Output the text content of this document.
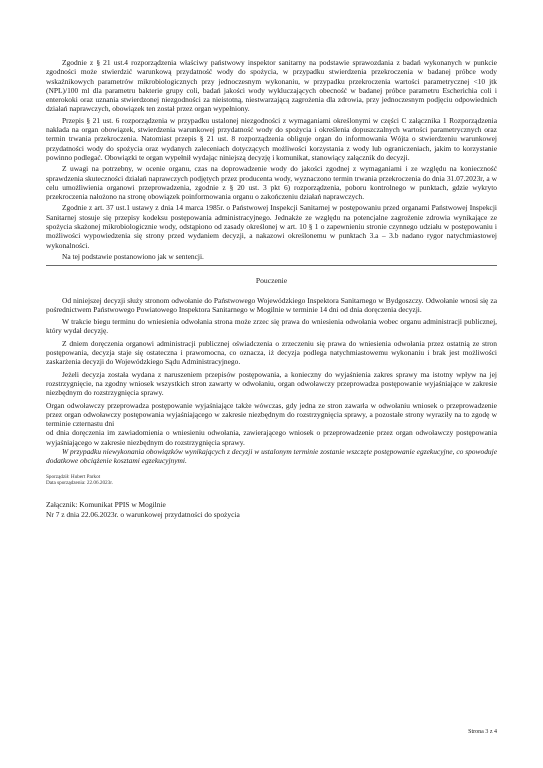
Zgodnie z § 21 ust.4 rozporządzenia właściwy państwowy inspektor sanitarny na podstawie sprawozdania z badań wykonanych w punkcie zgodności może stwierdzić warunkową przydatność wody do spożycia, w przypadku stwierdzenia przekroczenia w badanej próbce wody wskaźnikowych parametrów mikrobiologicznych przy jednoczesnym wykonaniu, w przypadku przekroczenia wartości parametrycznej <10 jtk (NPL)/100 ml dla parametru bakterie grupy coli, badań jakości wody wykluczających obecność w badanej próbce parametru Escherichia coli i enterokoki oraz uznania stwierdzonej niezgodności za nieistotną, niestwarzającą zagrożenia dla zdrowia, przy jednoczesnym podjęciu odpowiednich działań naprawczych, obowiązek ten został przez organ wypełniony.

Przepis § 21 ust. 6 rozporządzenia w przypadku ustalonej niezgodności z wymaganiami określonymi w części C załącznika 1 Rozporządzenia nakłada na organ obowiązek, stwierdzenia warunkowej przydatność wody do spożycia i określenia dopuszczalnych wartości parametrycznych oraz termin trwania przekroczenia. Natomiast przepis § 21 ust. 8 rozporządzenia obliguje organ do informowania Wójta o stwierdzeniu warunkowej przydatności wody do spożycia oraz wydanych zaleceniach dotyczących możliwości korzystania z wody lub ograniczeniach, jakim to korzystanie powinno podlegać. Obowiązki te organ wypełnił wydając niniejszą decyzję i komunikat, stanowiący załącznik do decyzji.

Z uwagi na potrzebny, w ocenie organu, czas na doprowadzenie wody do jakości zgodnej z wymaganiami i ze względu na konieczność sprawdzenia skuteczności działań naprawczych podjętych przez producenta wody, wyznaczono termin trwania przekroczenia do dnia 31.07.2023r, a w celu umożliwienia organowi przeprowadzenia, zgodnie z § 20 ust. 3 pkt 6) rozporządzenia, poboru kontrolnego w punktach, gdzie wykryto przekroczenia nałożono na stronę obowiązek poinformowania organu o zakończeniu działań naprawczych.

Zgodnie z art. 37 ust.1 ustawy z dnia 14 marca 1985r. o Państwowej Inspekcji Sanitarnej w postępowaniu przed organami Państwowej Inspekcji Sanitarnej stosuje się przepisy kodeksu postępowania administracyjnego. Jednakże ze względu na potencjalne zagrożenie zdrowia wynikające ze spożycia skażonej mikrobiologicznie wody, odstąpiono od zasady określonej w art. 10 § 1 o zapewnieniu stronie czynnego udziału w postępowaniu i możliwości wypowiedzenia się strony przed wydaniem decyzji, a nakazowi określonemu w punktach 3.a – 3.b nadano rygor natychmiastowej wykonalności.

Na tej podstawie postanowiono jak w sentencji.

Pouczenie

Od niniejszej decyzji służy stronom odwołanie do Państwowego Wojewódzkiego Inspektora Sanitarnego w Bydgoszczy. Odwołanie wnosi się za pośrednictwem Państwowego Powiatowego Inspektora Sanitarnego w Mogilnie w terminie 14 dni od dnia doręczenia decyzji.

W trakcie biegu terminu do wniesienia odwołania strona może zrzec się prawa do wniesienia odwołania wobec organu administracji publicznej, który wydał decyzję.

Z dniem doręczenia organowi administracji publicznej oświadczenia o zrzeczeniu się prawa do wniesienia odwołania przez ostatnią ze stron postępowania, decyzja staje się ostateczna i prawomocna, co oznacza, iż decyzja podlega natychmiastowemu wykonaniu i brak jest możliwości zaskarżenia decyzji do Wojewódzkiego Sądu Administracyjnego.

Jeżeli decyzja została wydana z naruszeniem przepisów postępowania, a konieczny do wyjaśnienia zakres sprawy ma istotny wpływ na jej rozstrzygnięcie, na zgodny wniosek wszystkich stron zawarty w odwołaniu, organ odwoławczy przeprowadza postępowanie wyjaśniające w zakresie niezbędnym do rozstrzygnięcia sprawy.

Organ odwoławczy przeprowadza postępowanie wyjaśniające także wówczas, gdy jedna ze stron zawarła w odwołaniu wniosek o przeprowadzenie przez organ odwoławczy postępowania wyjaśniającego w zakresie niezbędnym do rozstrzygnięcia sprawy, a pozostałe strony wyraziły na to zgodę w terminie czternastu dni

od dnia doręczenia im zawiadomienia o wniesieniu odwołania, zawierającego wniosek o przeprowadzenie przez organ odwoławczy postępowania wyjaśniającego w zakresie niezbędnym do rozstrzygnięcia sprawy.

W przypadku niewykonania obowiązków wynikających z decyzji w ustalonym terminie zostanie wszczęte postępowanie egzekucyjne, co spowoduje dodatkowe obciążenie kosztami egzekucyjnymi.

Sporządził: Hubert Parkot
Data sporządzenia: 22.06.2023r.
Załącznik: Komunikat PPIS w Mogilnie
Nr 7 z dnia 22.06.2023r. o warunkowej przydatności do spożycia
Strona 3 z 4
